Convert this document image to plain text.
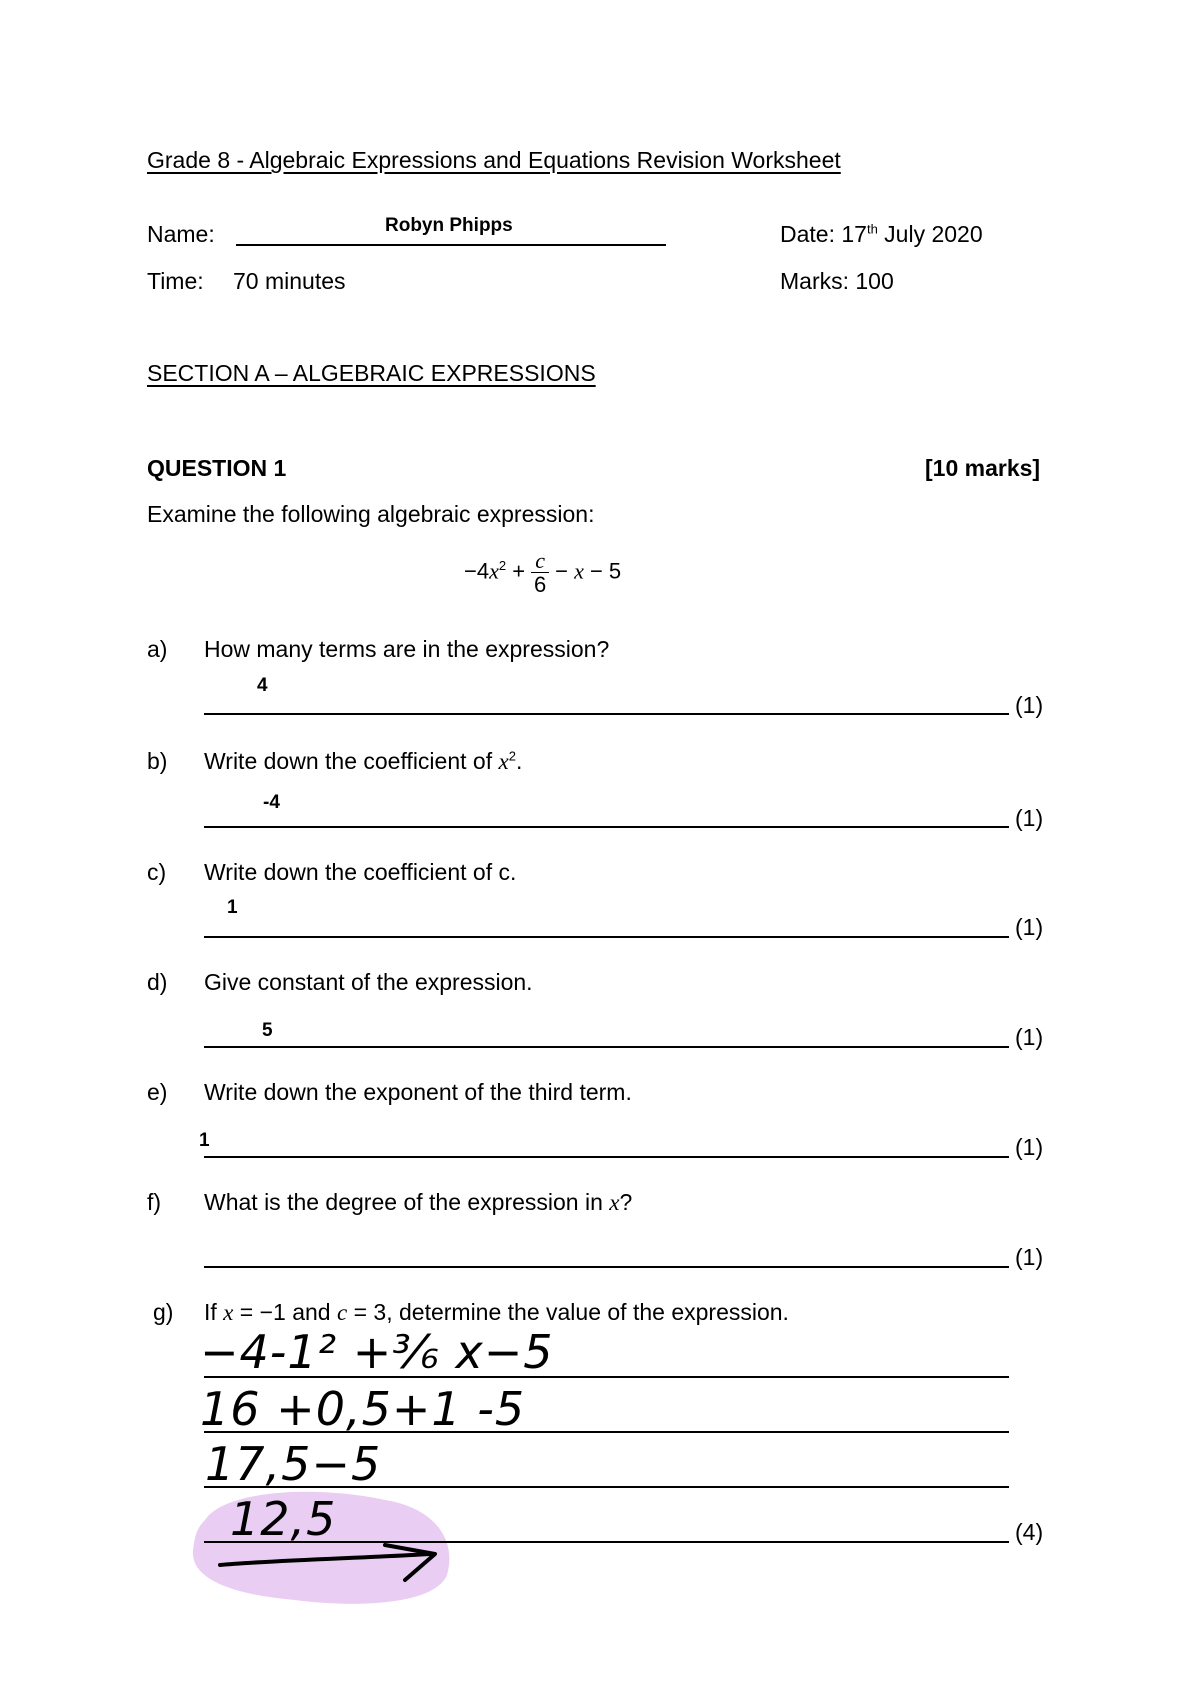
Grade 8 - Algebraic Expressions and Equations Revision Worksheet
Name:	Robyn Phipps	Date: 17th July 2020
Time: 70 minutes	Marks: 100
SECTION A – ALGEBRAIC EXPRESSIONS
QUESTION 1	[10 marks]
Examine the following algebraic expression:
$-4x^2 + \frac{c}{6} - x - 5$
a) How many terms are in the expression?
4
(1)
b) Write down the coefficient of $x^2$.
-4
(1)
c) Write down the coefficient of c.
1
(1)
d) Give constant of the expression.
5	(1)
e) Write down the exponent of the third term.
1	(1)
f) What is the degree of the expression in x?
(1)
g) If x = −1 and c = 3, determine the value of the expression.
−4-1² +³⁄₆ x−5
16 +0,5+1 -5
17,5−5
12,5	(4)
